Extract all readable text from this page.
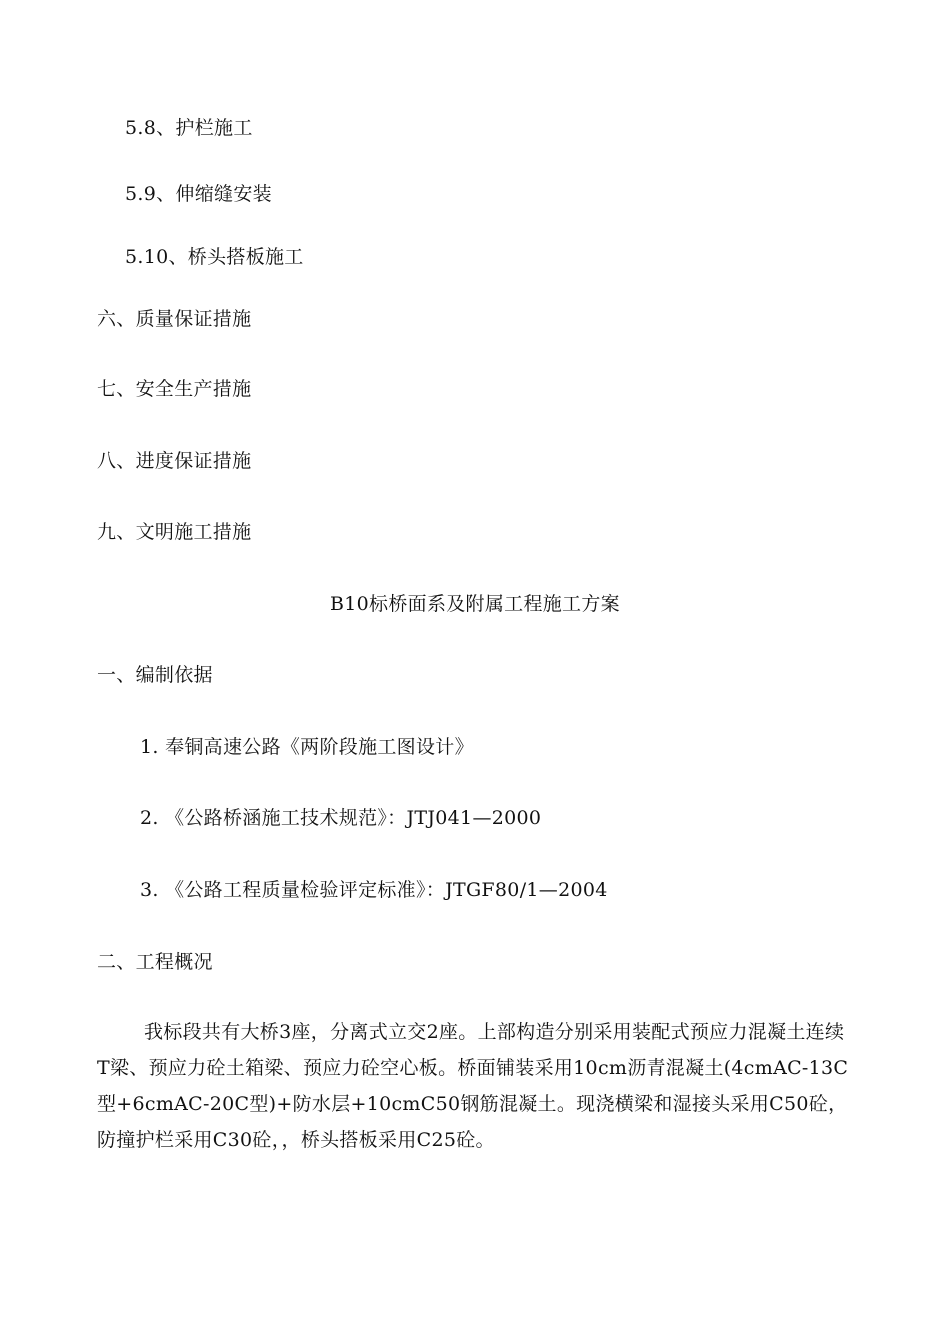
5.8、护栏施工
5.9、伸缩缝安装
5.10、桥头搭板施工
六、质量保证措施
七、安全生产措施
八、进度保证措施
九、文明施工措施
B10标桥面系及附属工程施工方案
一、编制依据
1. 奉铜高速公路《两阶段施工图设计》
2. 《公路桥涵施工技术规范》：JTJ041—2000
3. 《公路工程质量检验评定标准》：JTGF80/1—2004
二、工程概况

我标段共有大桥3座，分离式立交2座。上部构造分别采用装配式预应力混凝土连续T梁、预应力砼土箱梁、预应力砼空心板。桥面铺装采用10cm沥青混凝土(4cmAC-13C型+6cmAC-20C型)+防水层+10cmC50钢筋混凝土。现浇横梁和湿接头采用C50砼，防撞护栏采用C30砼，，桥头搭板采用C25砼。
